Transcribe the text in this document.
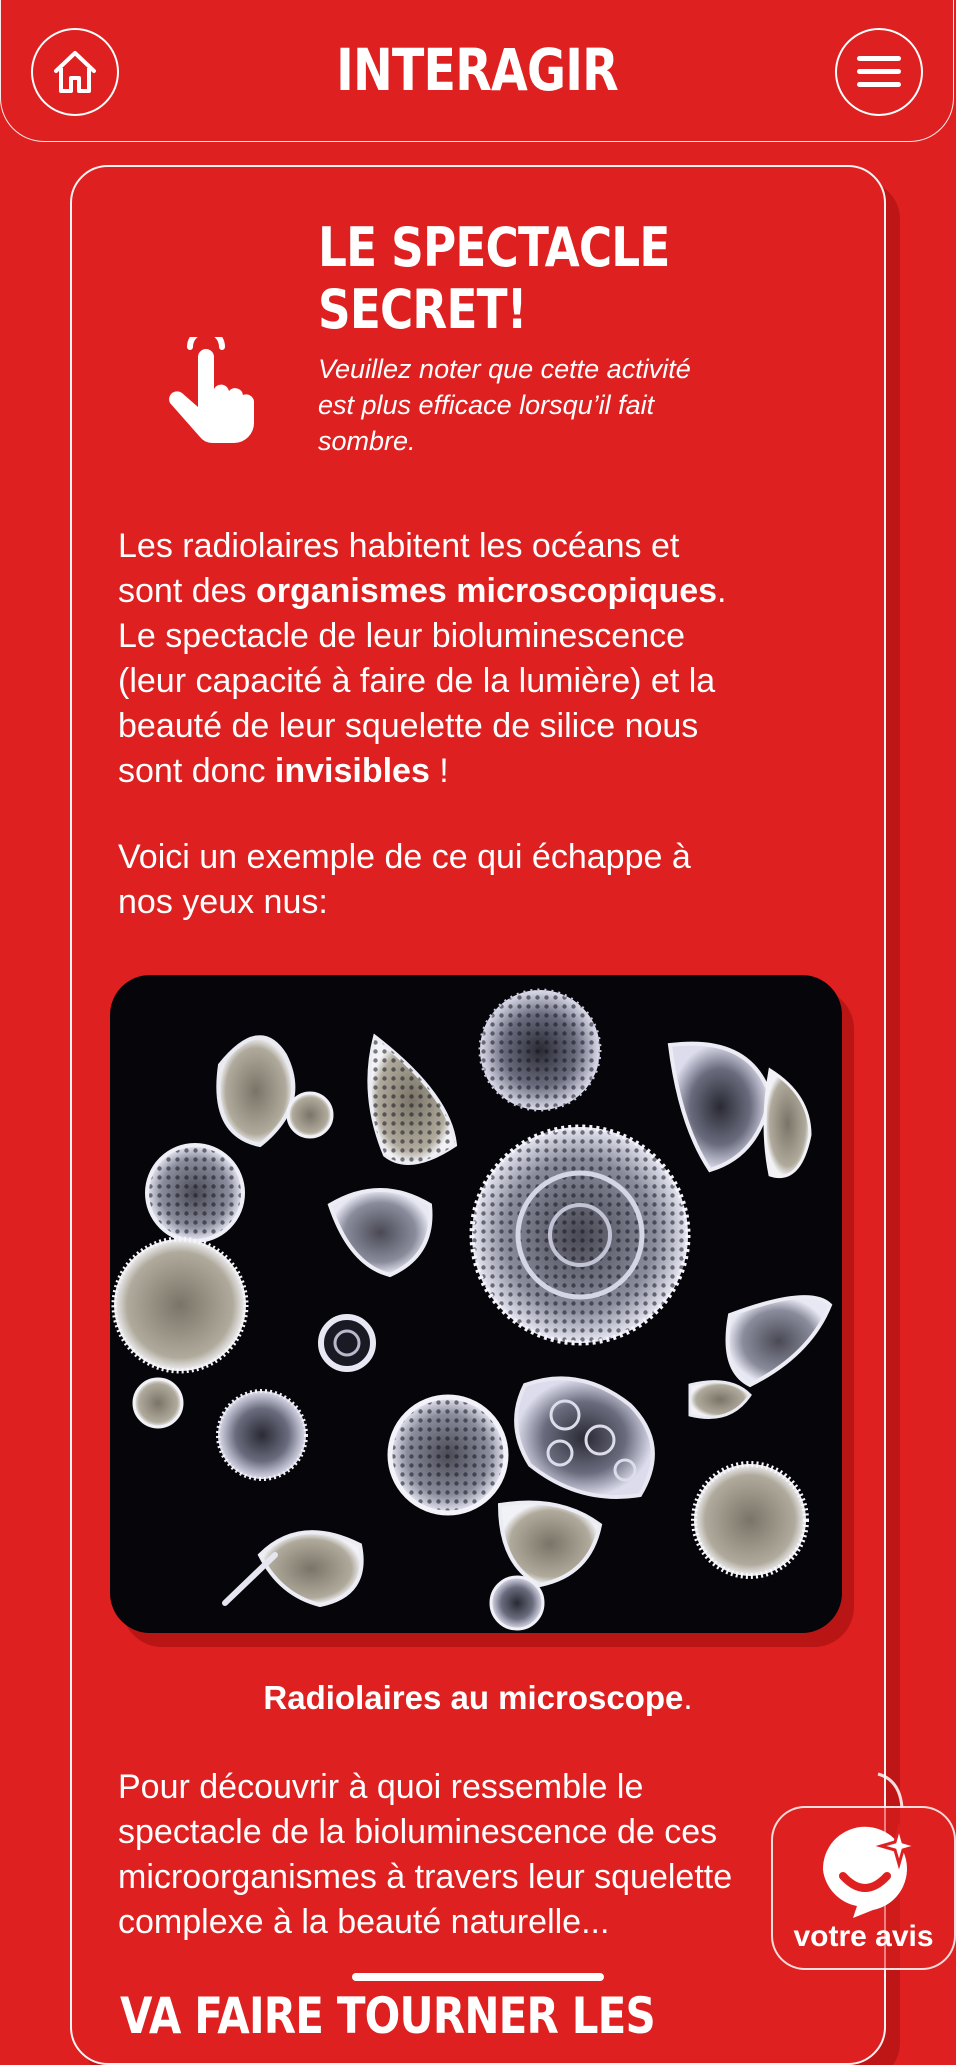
INTERAGIR
LE SPECTACLE
SECRET!
Veuillez noter que cette activité
est plus efficace lorsqu’il fait
sombre.
Les radiolaires habitent les océans et
sont des organismes microscopiques.
Le spectacle de leur bioluminescence
(leur capacité à faire de la lumière) et la
beauté de leur squelette de silice nous
sont donc invisibles !
Voici un exemple de ce qui échappe à
nos yeux nus:
Radiolaires au microscope.
Pour découvrir à quoi ressemble le
spectacle de la bioluminescence de ces
microorganismes à travers leur squelette
complexe à la beauté naturelle...
VA FAIRE TOURNER LES
votre avis
